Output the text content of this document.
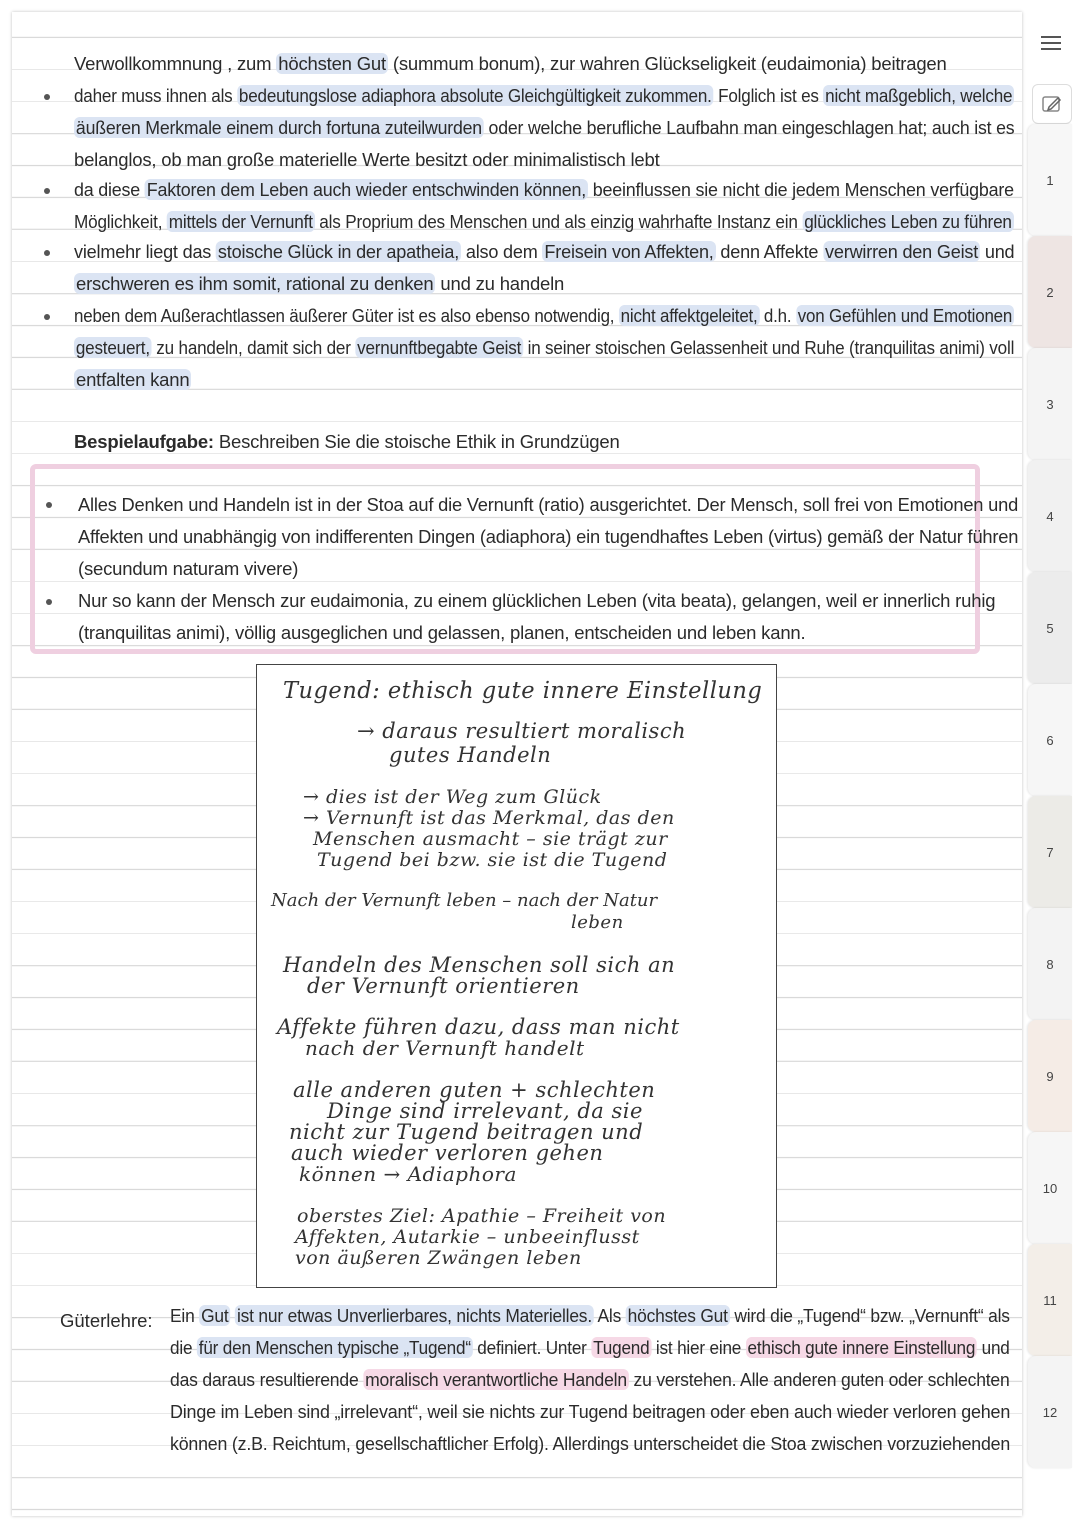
Verwollkommnung , zum höchsten Gut (summum bonum), zur wahren Glückseligkeit (eudaimonia) beitragen
daher muss ihnen als bedeutungslose adiaphora absolute Gleichgültigkeit zukommen. Folglich ist es nicht maßgeblich, welche
äußeren Merkmale einem durch fortuna zuteilwurden oder welche berufliche Laufbahn man eingeschlagen hat; auch ist es
belanglos, ob man große materielle Werte besitzt oder minimalistisch lebt
da diese Faktoren dem Leben auch wieder entschwinden können, beeinflussen sie nicht die jedem Menschen verfügbare
Möglichkeit, mittels der Vernunft als Proprium des Menschen und als einzig wahrhafte Instanz ein glückliches Leben zu führen
vielmehr liegt das stoische Glück in der apatheia, also dem Freisein von Affekten, denn Affekte verwirren den Geist und
erschweren es ihm somit, rational zu denken und zu handeln
neben dem Außerachtlassen äußerer Güter ist es also ebenso notwendig, nicht affektgeleitet, d.h. von Gefühlen und Emotionen
gesteuert, zu handeln, damit sich der vernunftbegabte Geist in seiner stoischen Gelassenheit und Ruhe (tranquilitas animi) voll
entfalten kann
Bespielaufgabe: Beschreiben Sie die stoische Ethik in Grundzügen
Alles Denken und Handeln ist in der Stoa auf die Vernunft (ratio) ausgerichtet. Der Mensch, soll frei von Emotionen und
Affekten und unabhängig von indifferenten Dingen (adiaphora) ein tugendhaftes Leben (virtus) gemäß der Natur führen
(secundum naturam vivere)
Nur so kann der Mensch zur eudaimonia, zu einem glücklichen Leben (vita beata), gelangen, weil er innerlich ruhig
(tranquilitas animi), völlig ausgeglichen und gelassen, planen, entscheiden und leben kann.
Tugend: ethisch gute innere Einstellung
→ daraus resultiert moralisch
gutes Handeln
→ dies ist der Weg zum Glück
→ Vernunft ist das Merkmal, das den
Menschen ausmacht – sie trägt zur
Tugend bei bzw. sie ist die Tugend
Nach der Vernunft leben – nach der Natur
leben
Handeln des Menschen soll sich an
der Vernunft orientieren
Affekte führen dazu, dass man nicht
nach der Vernunft handelt
alle anderen guten + schlechten
Dinge sind irrelevant, da sie
nicht zur Tugend beitragen und
auch wieder verloren gehen
können → Adiaphora
oberstes Ziel: Apathie – Freiheit von
Affekten, Autarkie – unbeeinflusst
von äußeren Zwängen leben
Güterlehre: Ein Gut ist nur etwas Unverlierbares, nichts Materielles. Als höchstes Gut wird die „Tugend“ bzw. „Vernunft“ als
die für den Menschen typische „Tugend“ definiert. Unter Tugend ist hier eine ethisch gute innere Einstellung und
das daraus resultierende moralisch verantwortliche Handeln zu verstehen. Alle anderen guten oder schlechten
Dinge im Leben sind „irrelevant“, weil sie nichts zur Tugend beitragen oder eben auch wieder verloren gehen
können (z.B. Reichtum, gesellschaftlicher Erfolg). Allerdings unterscheidet die Stoa zwischen vorzuziehenden
1
2
3
4
5
6
7
8
9
10
11
12
